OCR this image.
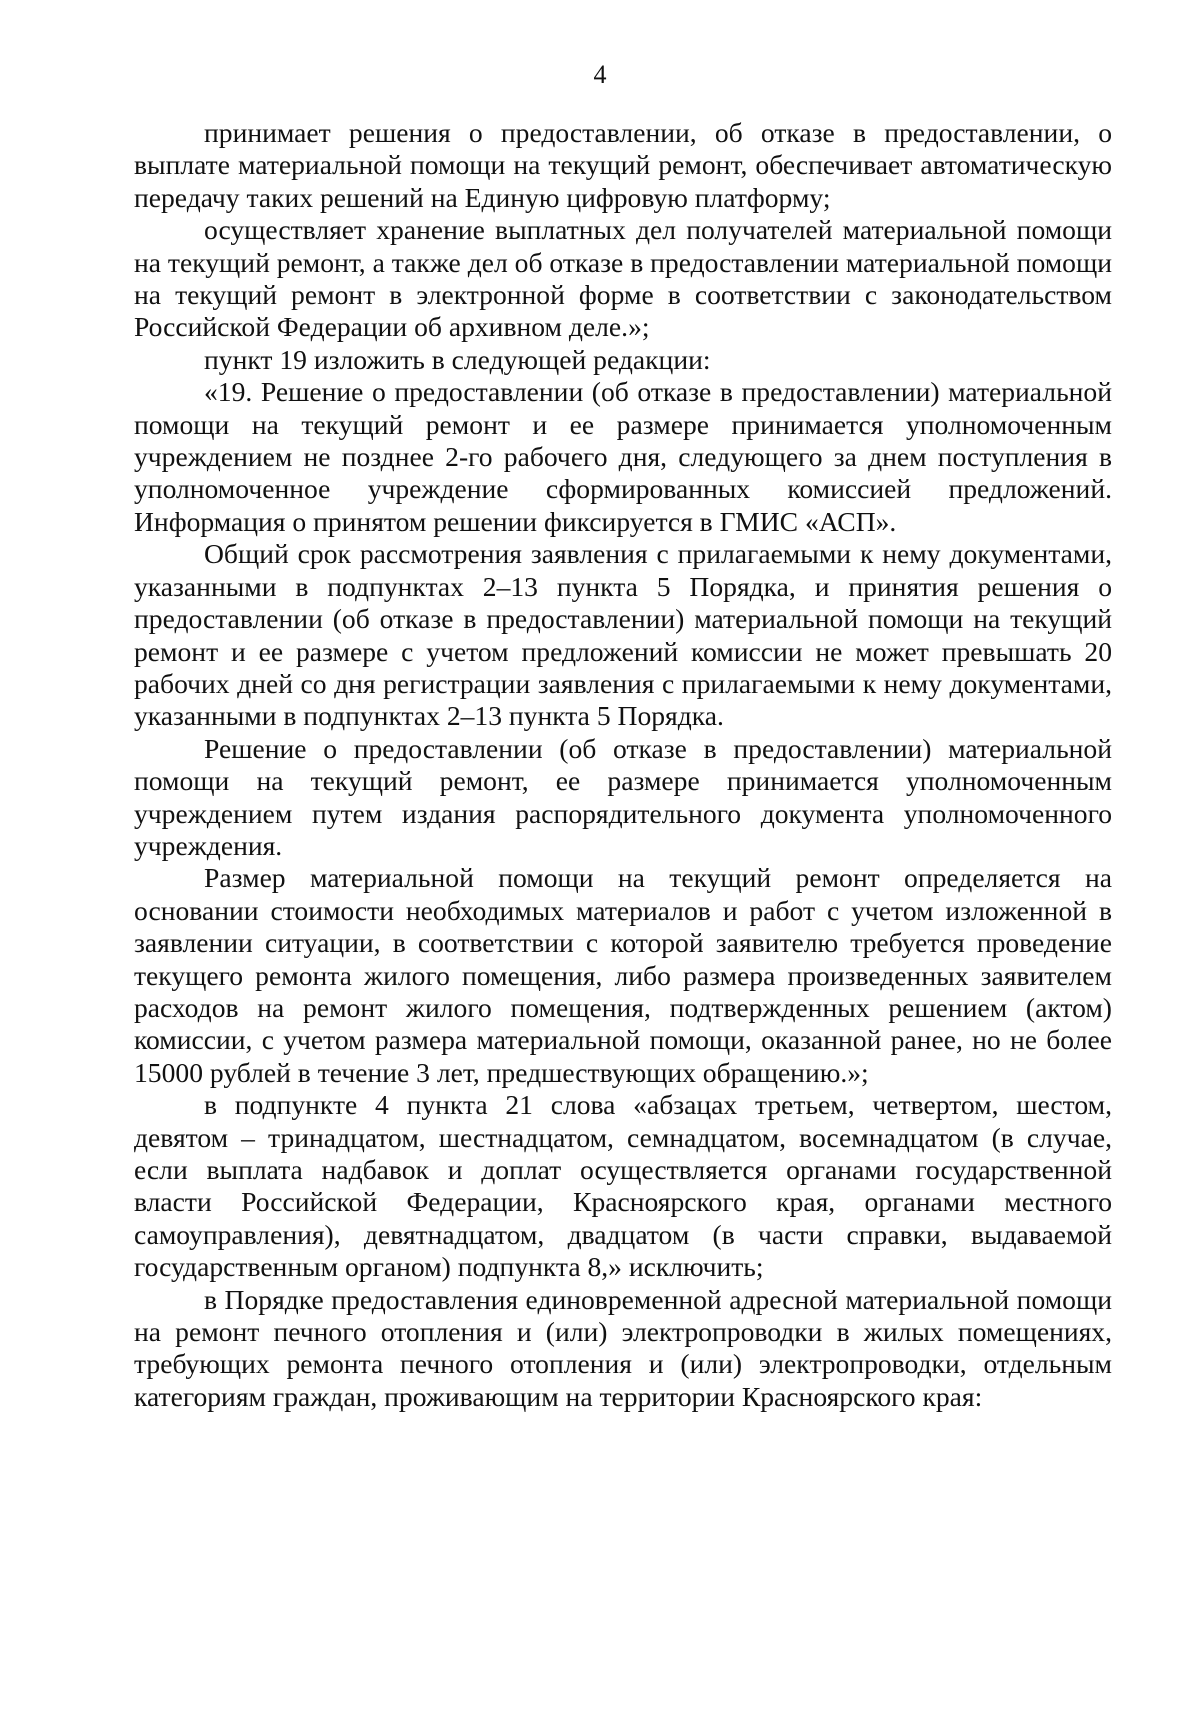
4

принимает решения о предоставлении, об отказе в предоставлении, о выплате материальной помощи на текущий ремонт, обеспечивает автоматическую передачу таких решений на Единую цифровую платформу;

осуществляет хранение выплатных дел получателей материальной помощи на текущий ремонт, а также дел об отказе в предоставлении материальной помощи на текущий ремонт в электронной форме в соответствии с законодательством Российской Федерации об архивном деле.»;

пункт 19 изложить в следующей редакции:

«19. Решение о предоставлении (об отказе в предоставлении) материальной помощи на текущий ремонт и ее размере принимается уполномоченным учреждением не позднее 2-го рабочего дня, следующего за днем поступления в уполномоченное учреждение сформированных комиссией предложений. Информация о принятом решении фиксируется в ГМИС «АСП».

Общий срок рассмотрения заявления с прилагаемыми к нему документами, указанными в подпунктах 2–13 пункта 5 Порядка, и принятия решения о предоставлении (об отказе в предоставлении) материальной помощи на текущий ремонт и ее размере с учетом предложений комиссии не может превышать 20 рабочих дней со дня регистрации заявления с прилагаемыми к нему документами, указанными в подпунктах 2–13 пункта 5 Порядка.

Решение о предоставлении (об отказе в предоставлении) материальной помощи на текущий ремонт, ее размере принимается уполномоченным учреждением путем издания распорядительного документа уполномоченного учреждения.

Размер материальной помощи на текущий ремонт определяется на основании стоимости необходимых материалов и работ с учетом изложенной в заявлении ситуации, в соответствии с которой заявителю требуется проведение текущего ремонта жилого помещения, либо размера произведенных заявителем расходов на ремонт жилого помещения, подтвержденных решением (актом) комиссии, с учетом размера материальной помощи, оказанной ранее, но не более 15000 рублей в течение 3 лет, предшествующих обращению.»;

в подпункте 4 пункта 21 слова «абзацах третьем, четвертом, шестом, девятом – тринадцатом, шестнадцатом, семнадцатом, восемнадцатом (в случае, если выплата надбавок и доплат осуществляется органами государственной власти Российской Федерации, Красноярского края, органами местного самоуправления), девятнадцатом, двадцатом (в части справки, выдаваемой государственным органом) подпункта 8,» исключить;

в Порядке предоставления единовременной адресной материальной помощи на ремонт печного отопления и (или) электропроводки в жилых помещениях, требующих ремонта печного отопления и (или) электропроводки, отдельным категориям граждан, проживающим на территории Красноярского края:
